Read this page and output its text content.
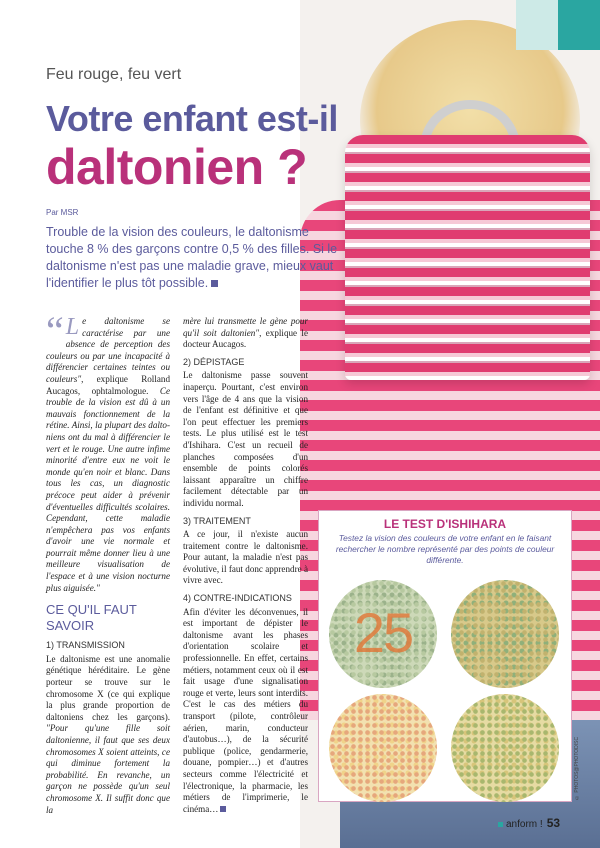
Feu rouge, feu vert
Votre enfant est-il
daltonien ?
Par MSR
Trouble de la vision des couleurs, le daltonisme touche 8 % des garçons contre 0,5 % des filles. Si le daltonisme n'est pas une maladie grave, mieux vaut l'identifier le plus tôt possible.

“ L e daltonisme se caractérise par une absence de perception des couleurs ou par une incapacité à différencier certaines teintes ou couleurs", explique Rolland Aucagos, ophtalmologue. Ce trouble de la vision est dû à un mauvais fonctionnement de la rétine. Ainsi, la plupart des dalto-niens ont du mal à différencier le vert et le rouge. Une autre infime minorité d'entre eux ne voit le monde qu'en noir et blanc. Dans tous les cas, un diagnostic précoce peut aider à prévenir d'éventuelles difficultés scolaires. Cependant, cette maladie n'empêchera pas vos enfants d'avoir une vie normale et pourrait même donner lieu à une meilleure visualisation de l'espace et à une vision nocturne plus aiguisée."

CE QU'IL FAUT SAVOIR
1) TRANSMISSION

Le daltonisme est une anomalie génétique héréditaire. Le gène porteur se trouve sur le chromosome X (ce qui explique la plus grande proportion de daltoniens chez les garçons). "Pour qu'une fille soit daltonienne, il faut que ses deux chromosomes X soient atteints, ce qui diminue fortement la probabilité. En revanche, un garçon ne possède qu'un seul chromosome X. Il suffit donc que la

mère lui transmette le gène pour qu'il soit daltonien", explique le docteur Aucagos.

2) DÉPISTAGE

Le daltonisme passe souvent inaperçu. Pourtant, c'est environ vers l'âge de 4 ans que la vision de l'enfant est définitive et que l'on peut effectuer les premiers tests. Le plus utilisé est le test d'Ishihara. C'est un recueil de planches composées d'un ensemble de points colorés laissant apparaître un chiffre facilement détectable par un individu normal.

3) TRAITEMENT

A ce jour, il n'existe aucun traitement contre le daltonisme. Pour autant, la maladie n'est pas évolutive, il faut donc apprendre à vivre avec.

4) CONTRE-INDICATIONS

Afin d'éviter les déconvenues, il est important de dépister le daltonisme avant les phases d'orientation scolaire et professionnelle. En effet, certains métiers, notamment ceux où il est fait usage d'une signalisation rouge et verte, leurs sont interdits. C'est le cas des métiers du transport (pilote, contrôleur aérien, marin, conducteur d'autobus…), de la sécurité publique (police, gendarmerie, douane, pompier…) et d'autres secteurs comme l'électricité et l'électronique, la pharmacie, les métiers de l'imprimerie, le cinéma…

LE TEST D'ISHIHARA
Testez la vision des couleurs de votre enfant en le faisant rechercher le nombre représenté par des points de couleur différente.
25
© PHOTOS@PHOTODISC
anform ! 53
